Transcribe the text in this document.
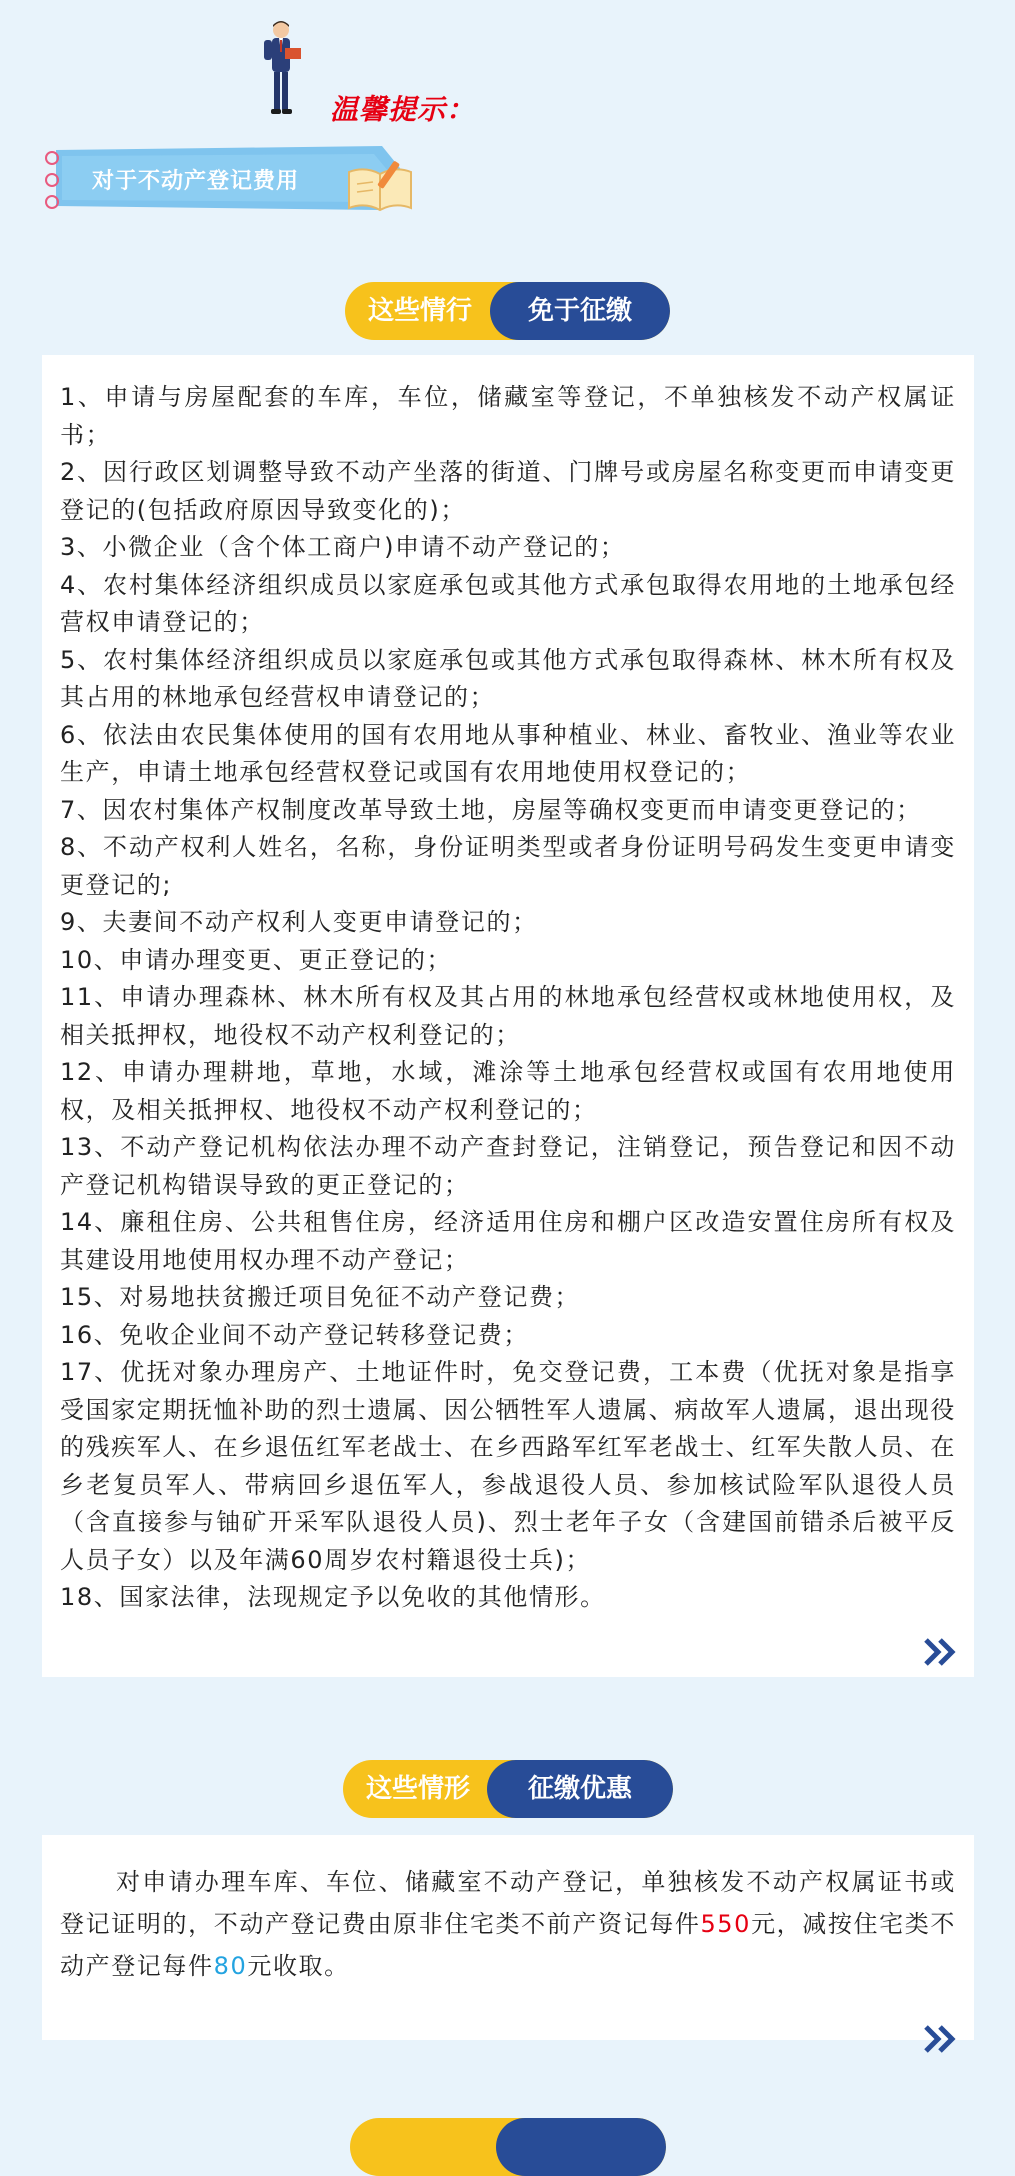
温馨提示：
对于不动产登记费用
这些情行	免于征缴
1、申请与房屋配套的车库，车位，储藏室等登记，不单独核发不动产权属证书；
2、因行政区划调整导致不动产坐落的街道、门牌号或房屋名称变更而申请变更登记的(包括政府原因导致变化的)；
3、小微企业（含个体工商户)申请不动产登记的；
4、农村集体经济组织成员以家庭承包或其他方式承包取得农用地的土地承包经营权申请登记的；
5、农村集体经济组织成员以家庭承包或其他方式承包取得森林、林木所有权及其占用的林地承包经营权申请登记的；
6、依法由农民集体使用的国有农用地从事种植业、林业、畜牧业、渔业等农业生产，申请土地承包经营权登记或国有农用地使用权登记的；
7、因农村集体产权制度改革导致土地，房屋等确权变更而申请变更登记的；
8、不动产权利人姓名，名称，身份证明类型或者身份证明号码发生变更申请变更登记的;
9、夫妻间不动产权利人变更申请登记的；
10、申请办理变更、更正登记的；
11、申请办理森林、林木所有权及其占用的林地承包经营权或林地使用权，及相关抵押权，地役权不动产权利登记的；
12、申请办理耕地，草地，水域，滩涂等土地承包经营权或国有农用地使用权，及相关抵押权、地役权不动产权利登记的；
13、不动产登记机构依法办理不动产查封登记，注销登记，预告登记和因不动产登记机构错误导致的更正登记的；
14、廉租住房、公共租售住房，经济适用住房和棚户区改造安置住房所有权及其建设用地使用权办理不动产登记；
15、对易地扶贫搬迁项目免征不动产登记费；
16、免收企业间不动产登记转移登记费；
17、优抚对象办理房产、土地证件时，免交登记费，工本费（优抚对象是指享受国家定期抚恤补助的烈士遗属、因公牺牲军人遗属、病故军人遗属，退出现役的残疾军人、在乡退伍红军老战士、在乡西路军红军老战士、红军失散人员、在乡老复员军人、带病回乡退伍军人，参战退役人员、参加核试险军队退役人员（含直接参与铀矿开采军队退役人员)、烈士老年子女（含建国前错杀后被平反人员子女）以及年满60周岁农村籍退役士兵)；
18、国家法律，法现规定予以免收的其他情形。
这些情形	征缴优惠

对申请办理车库、车位、储藏室不动产登记，单独核发不动产权属证书或登记证明的，不动产登记费由原非住宅类不前产资记每件550元，减按住宅类不动产登记每件80元收取。
